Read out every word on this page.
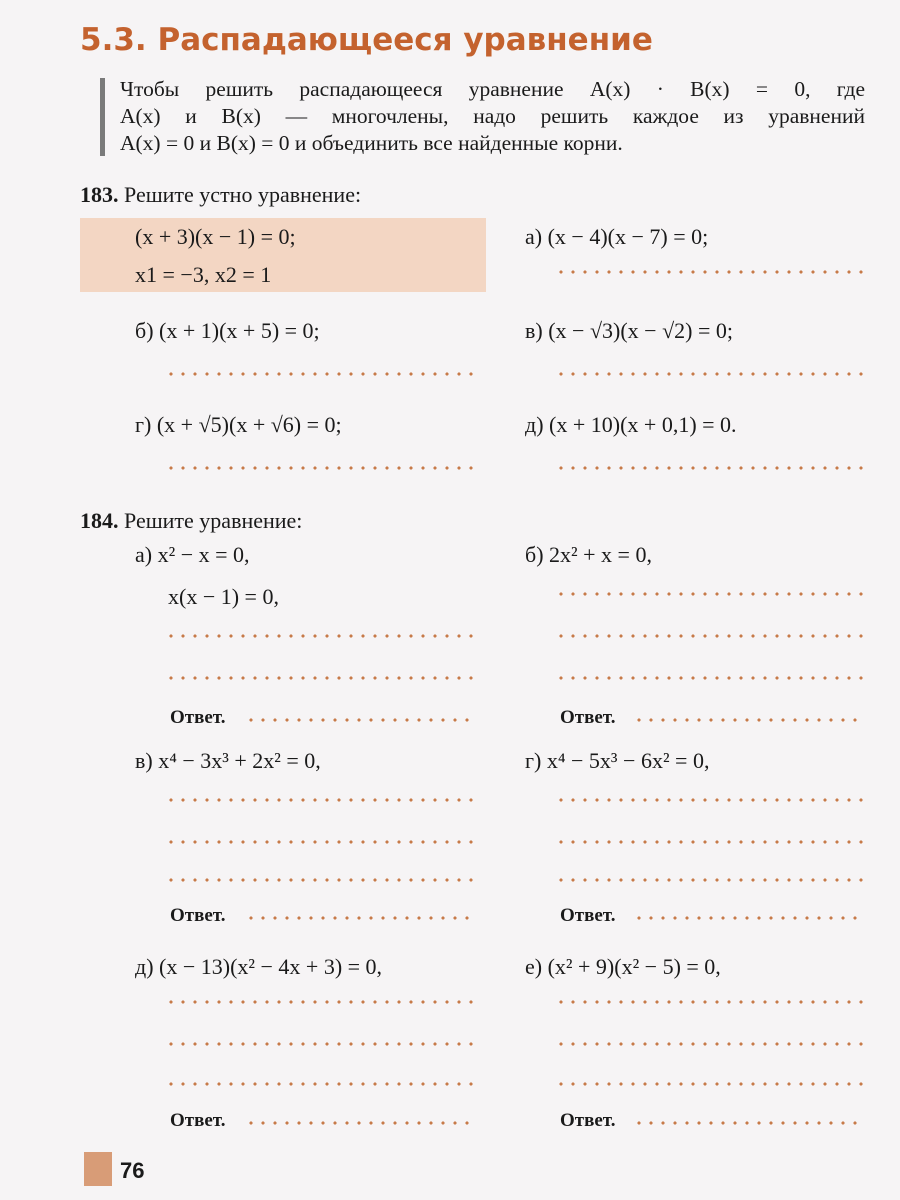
5.3. Распадающееся уравнение
Чтобы решить распадающееся уравнение A(x) · B(x) = 0, где
A(x) и B(x) — многочлены, надо решить каждое из уравнений
A(x) = 0 и B(x) = 0 и объединить все найденные корни.
183. Решите устно уравнение:
(x + 3)(x − 1) = 0;
x1 = −3, x2 = 1
а) (x − 4)(x − 7) = 0;
б) (x + 1)(x + 5) = 0;	в) (x − √3)(x − √2) = 0;
г) (x + √5)(x + √6) = 0;	д) (x + 10)(x + 0,1) = 0.
184. Решите уравнение:
а) x² − x = 0,	б) 2x² + x = 0,
x(x − 1) = 0,
Ответ.	Ответ.
в) x⁴ − 3x³ + 2x² = 0,	г) x⁴ − 5x³ − 6x² = 0,
Ответ.	Ответ.
д) (x − 13)(x² − 4x + 3) = 0,	е) (x² + 9)(x² − 5) = 0,
Ответ.	Ответ.
76
